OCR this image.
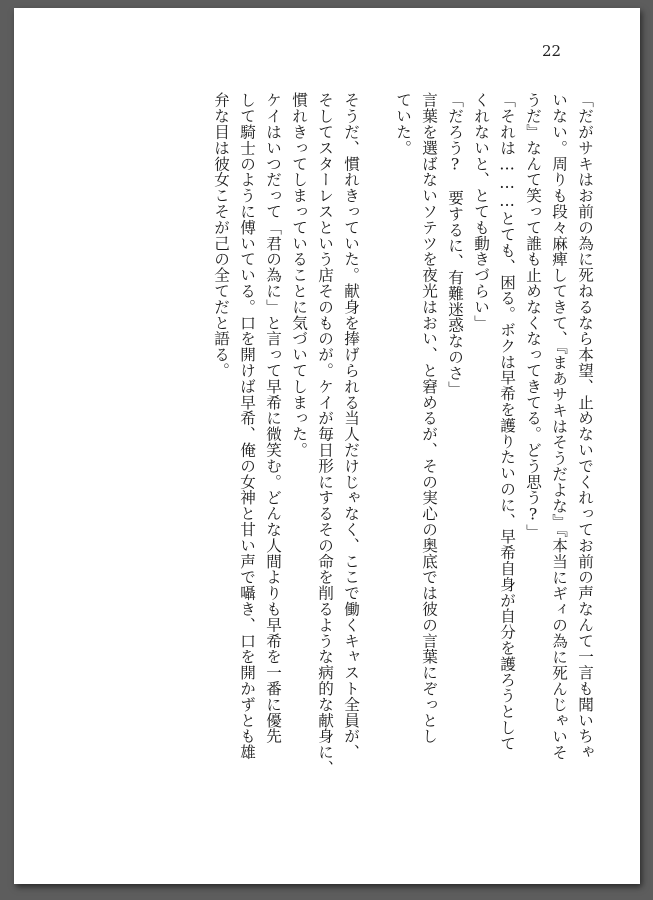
22
「だがサキはお前の為に死ねるなら本望、止めないでくれってお前の声なんて一言も聞いちゃ
いない。周りも段々麻痺してきて、『まあサキはそうだよな』『本当にギィの為に死んじゃいそ
うだ』なんて笑って誰も止めなくなってきてる。どう思う?」
「それは………とても、困る。ボクは早希を護りたいのに、早希自身が自分を護ろうとして
くれないと、とても動きづらい」
「だろう?　要するに、有難迷惑なのさ」
言葉を選ばないソテツを夜光はおい、と窘めるが、その実心の奥底では彼の言葉にぞっとし
ていた。
そうだ、慣れきっていた。献身を捧げられる当人だけじゃなく、ここで働くキャスト全員が、
そしてスターレスという店そのものが。ケイが毎日形にするその命を削るような病的な献身に、
慣れきってしまっていることに気づいてしまった。
ケイはいつだって「君の為に」と言って早希に微笑む。どんな人間よりも早希を一番に優先
して騎士のように傅いている。口を開けば早希、俺の女神と甘い声で囁き、口を開かずとも雄
弁な目は彼女こそが己の全てだと語る。
